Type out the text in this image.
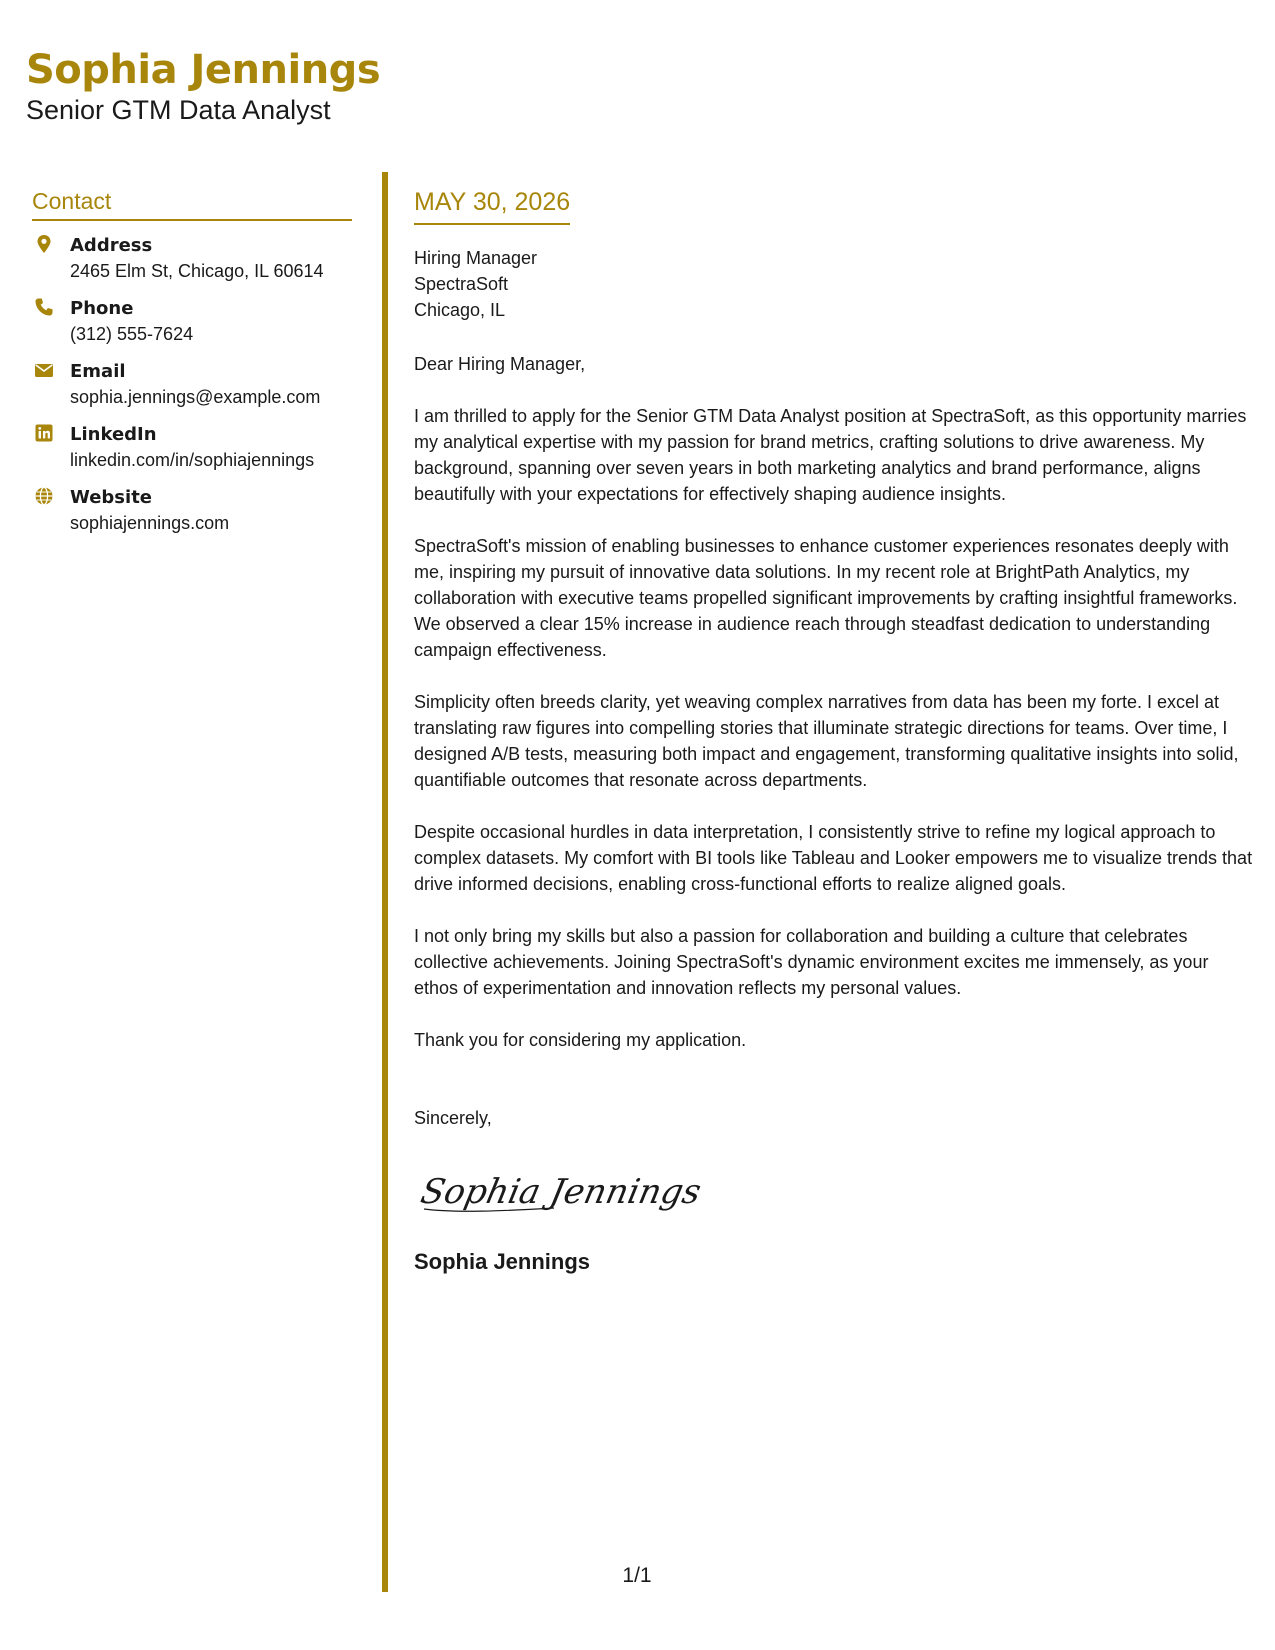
Sophia Jennings
Senior GTM Data Analyst
Contact
Address
2465 Elm St, Chicago, IL 60614
Phone
(312) 555-7624
Email
sophia.jennings@example.com
LinkedIn
linkedin.com/in/sophiajennings
Website
sophiajennings.com
MAY 30, 2026
Hiring Manager
SpectraSoft
Chicago, IL
Dear Hiring Manager,
I am thrilled to apply for the Senior GTM Data Analyst position at SpectraSoft, as this opportunity marries my analytical expertise with my passion for brand metrics, crafting solutions to drive awareness. My background, spanning over seven years in both marketing analytics and brand performance, aligns beautifully with your expectations for effectively shaping audience insights.
SpectraSoft's mission of enabling businesses to enhance customer experiences resonates deeply with me, inspiring my pursuit of innovative data solutions. In my recent role at BrightPath Analytics, my collaboration with executive teams propelled significant improvements by crafting insightful frameworks. We observed a clear 15% increase in audience reach through steadfast dedication to understanding campaign effectiveness.
Simplicity often breeds clarity, yet weaving complex narratives from data has been my forte. I excel at translating raw figures into compelling stories that illuminate strategic directions for teams. Over time, I designed A/B tests, measuring both impact and engagement, transforming qualitative insights into solid, quantifiable outcomes that resonate across departments.
Despite occasional hurdles in data interpretation, I consistently strive to refine my logical approach to complex datasets. My comfort with BI tools like Tableau and Looker empowers me to visualize trends that drive informed decisions, enabling cross-functional efforts to realize aligned goals.
I not only bring my skills but also a passion for collaboration and building a culture that celebrates collective achievements. Joining SpectraSoft's dynamic environment excites me immensely, as your ethos of experimentation and innovation reflects my personal values.
Thank you for considering my application.
Sincerely,
Sophia Jennings
Sophia Jennings
1/1
